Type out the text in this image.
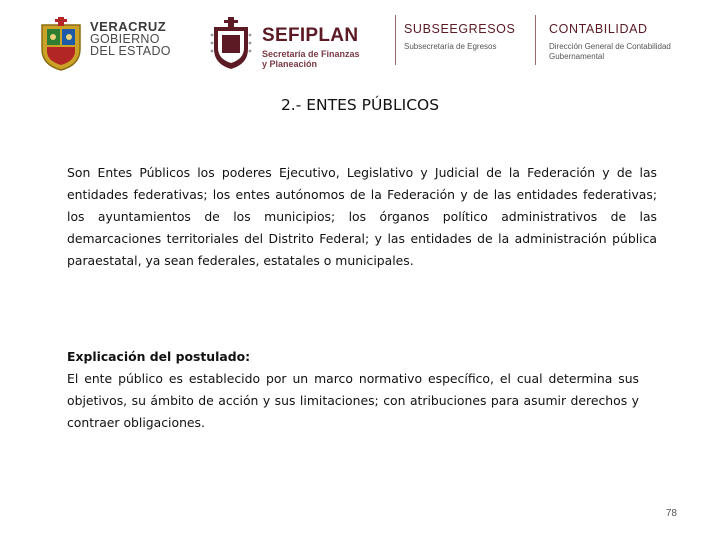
VERACRUZ
GOBIERNO
DEL ESTADO
SEFIPLAN
Secretaría de Finanzas
y Planeación
SUBSEEGRESOS
Subsecretaría de Egresos
CONTABILIDAD
Dirección General de Contabilidad Gubernamental
2.- ENTES PÚBLICOS
Son Entes Públicos los poderes Ejecutivo, Legislativo y Judicial de la Federación y de las entidades federativas; los entes autónomos de la Federación y de las entidades federativas; los ayuntamientos de los municipios; los órganos político administrativos de las demarcaciones territoriales del Distrito Federal; y las entidades de la administración pública paraestatal, ya sean federales, estatales o municipales.
Explicación del postulado:
El ente público es establecido por un marco normativo específico, el cual determina sus objetivos, su ámbito de acción y sus limitaciones; con atribuciones para asumir derechos y contraer obligaciones.
78
